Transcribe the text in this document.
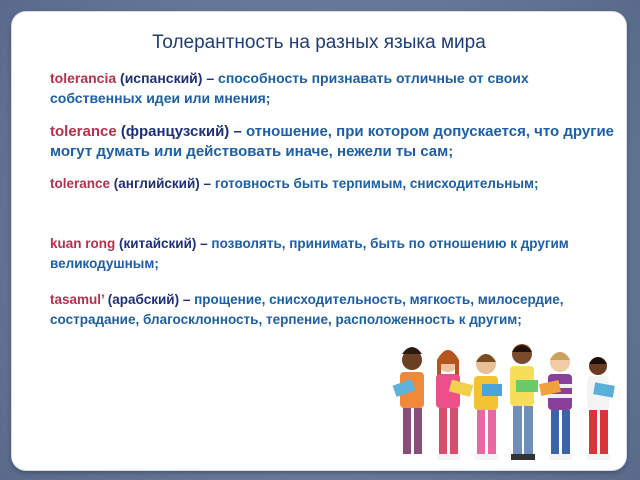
Толерантность на разных языка мира
tolerancia (испанский) – способность признавать отличные от своих собственных идеи или мнения;
tolerance (французский) – отношение, при котором допускается, что другие могут думать или действовать иначе, нежели ты сам;
tolerance (английский) – готовность быть терпимым, снисходительным;
kuan rong (китайский) – позволять, принимать, быть по отношению к другим великодушным;
tasamul’ (арабский) – прощение, снисходительность, мягкость, милосердие, сострадание, благосклонность, терпение, расположенность к другим;
